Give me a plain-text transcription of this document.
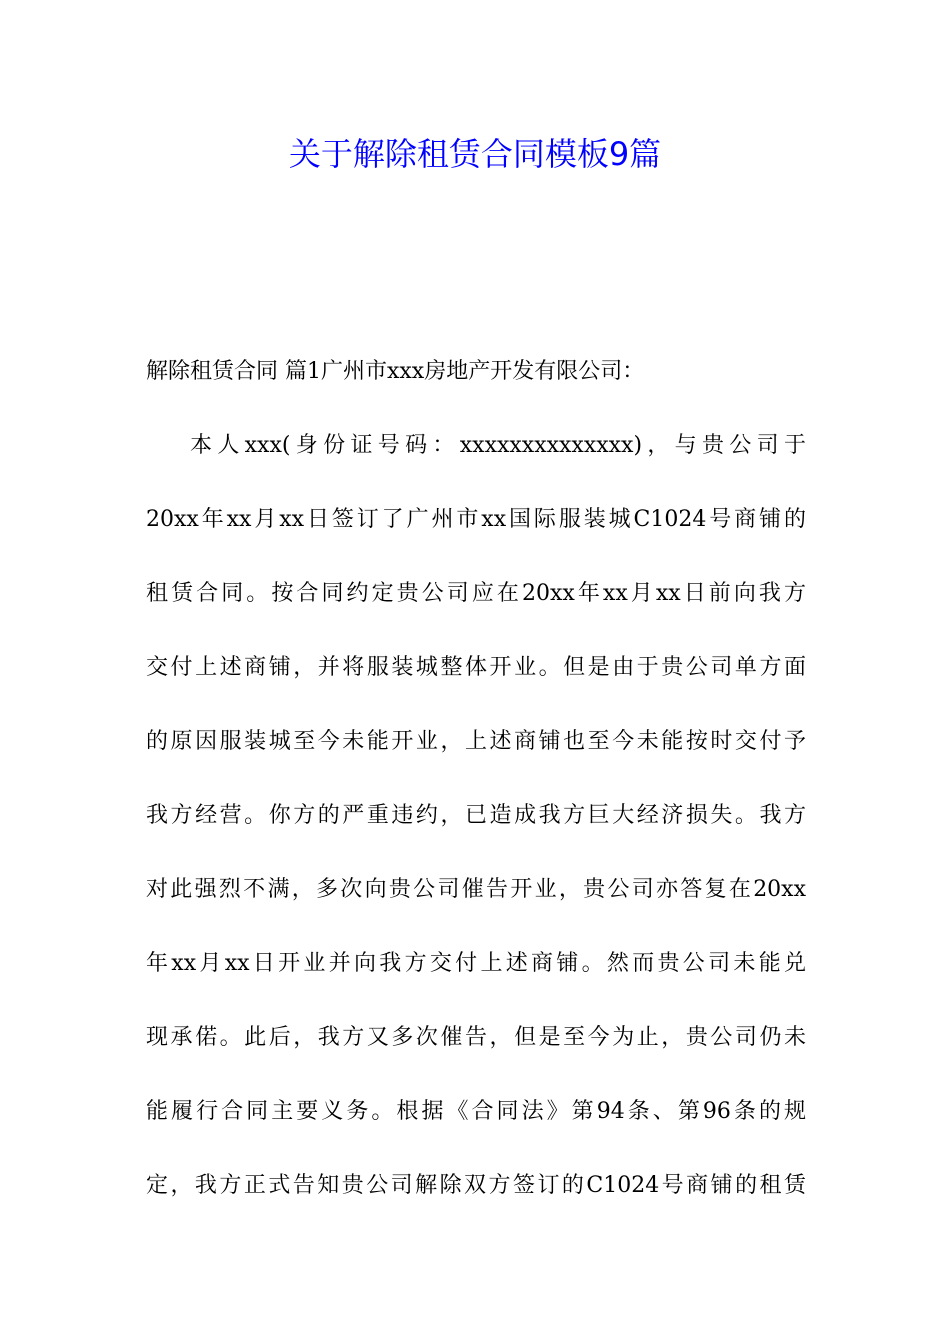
关于解除租赁合同模板9篇
解除租赁合同 篇1广州市xxx房地产开发有限公司：
本人xxx(身份证号码：xxxxxxxxxxxxxx)，与贵公司于
20xx年xx月xx日签订了广州市xx国际服装城C1024号商铺的
租赁合同。按合同约定贵公司应在20xx年xx月xx日前向我方
交付上述商铺，并将服装城整体开业。但是由于贵公司单方面
的原因服装城至今未能开业，上述商铺也至今未能按时交付予
我方经营。你方的严重违约，已造成我方巨大经济损失。我方
对此强烈不满，多次向贵公司催告开业，贵公司亦答复在20xx
年xx月xx日开业并向我方交付上述商铺。然而贵公司未能兑
现承偌。此后，我方又多次催告，但是至今为止，贵公司仍未
能履行合同主要义务。根据《合同法》第94条、第96条的规
定，我方正式告知贵公司解除双方签订的C1024号商铺的租赁
